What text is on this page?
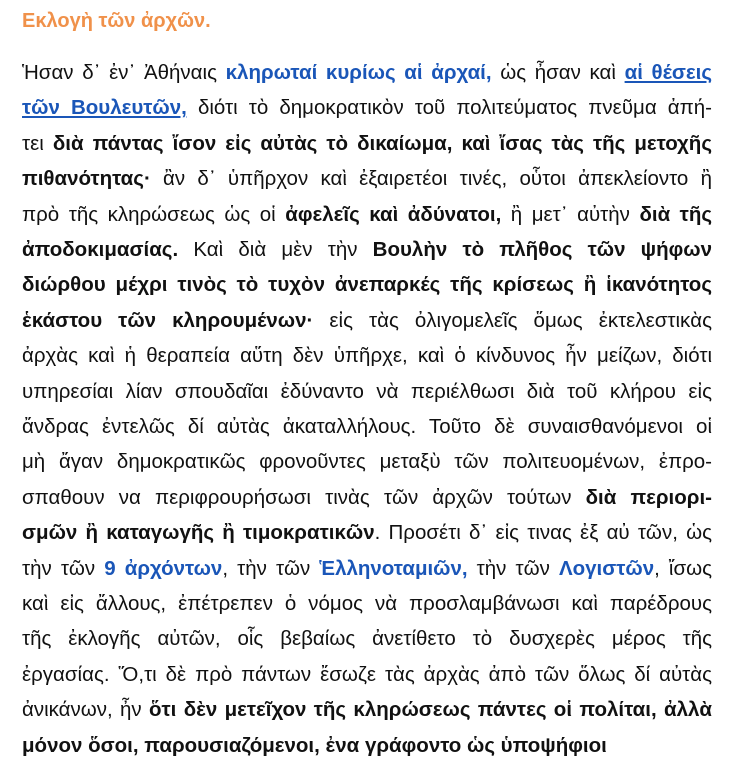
Εκλογὴ τῶν ἀρχῶν.
Ἡσαν δ᾽ ἐν᾽ Ἀθήναις κληρωταί κυρίως αἱ ἀρχαί, ὡς ἦσαν καὶ αἱ θέσεις
τῶν Βουλευτῶν, διότι τὸ δημοκρατικὸν τοῦ πολιτεύματος πνεῦμα ἀπή-
τει διὰ πάντας ἴσον εἰς αὐτὰς τὸ δικαίωμα, καὶ ἴσας τὰς τῆς μετοχῆς
πιθανότητας· ἂν δ᾽ ὑπῆρχον καὶ ἐξαιρετέοι τινές, οὗτοι ἀπεκλείοντο ἢ
πρὸ τῆς κληρώσεως ὡς οἱ ἀφελεῖς καὶ ἀδύνατοι, ἢ μετ᾽ αὐτὴν διὰ τῆς
ἀποδοκιμασίας. Καὶ διὰ μὲν τὴν Βουλὴν τὸ πλῆθος τῶν ψήφων
διώρθου μέχρι τινὸς τὸ τυχὸν ἀνεπαρκές τῆς κρίσεως ἢ ἱκανότητος
ἑκάστου τῶν κληρουμένων· εἰς τὰς ὀλιγομελεῖς ὅμως ἐκτελεστικὰς
ἀρχὰς καὶ ἡ θεραπεία αὕτη δὲν ὑπῆρχε, καὶ ὁ κίνδυνος ἦν μείζων, διότι
υπηρεσίαι λίαν σπουδαῖαι ἐδύναντο νὰ περιέλθωσι διὰ τοῦ κλήρου εἰς
ἄνδρας ἐντελῶς δί αὐτὰς ἀκαταλλήλους. Τοῦτο δὲ συναισθανόμενοι οἱ
μὴ ἄγαν δημοκρατικῶς φρονοῦντες μεταξὺ τῶν πολιτευομένων, ἐπρο-
σπαθουν να περιφρουρήσωσι τινὰς τῶν ἀρχῶν τούτων διὰ περιορι-
σμῶν ἢ καταγωγῆς ἢ τιμοκρατικῶν. Προσέτι δ᾽ εἰς τινας ἐξ αὐ τῶν, ὡς
τὴν τῶν 9 ἀρχόντων, τὴν τῶν Ἑλληνοταμιῶν, τὴν τῶν Λογιστῶν, ἴσως
καὶ εἰς ἄλλους, ἐπέτρεπεν ὁ νόμος νὰ προσλαμβάνωσι καὶ παρέδρους
τῆς ἐκλογῆς αὐτῶν, οἷς βεβαίως ἀνετίθετο τὸ δυσχερὲς μέρος τῆς
ἐργασίας. Ὅ,τι δὲ πρὸ πάντων ἔσωζε τὰς ἀρχὰς ἀπὸ τῶν ὅλως δί αὐτὰς
ἀνικάνων, ἦν ὅτι δὲν μετεῖχον τῆς κληρώσεως πάντες οἱ πολίται, ἀλλὰ
μόνον ὅσοι, παρουσιαζόμενοι, ἐνα γράφοντο ὡς ὑποψήφιοι
